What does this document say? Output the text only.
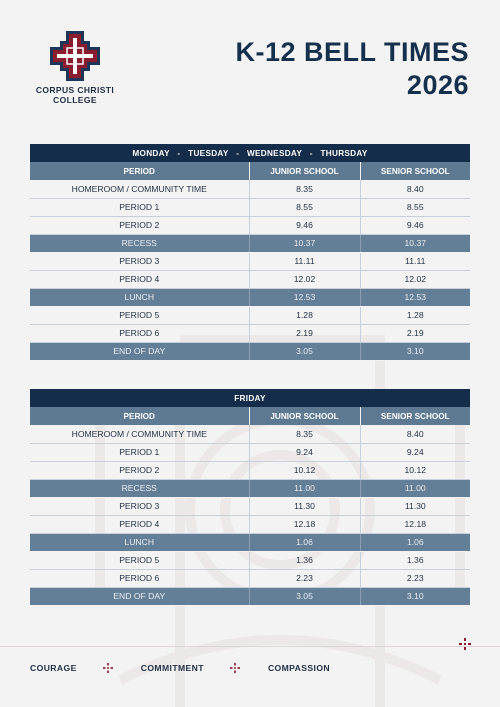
CORPUS CHRISTI
COLLEGE
K-12 BELL TIMES
2026
MONDAY   -   TUESDAY   -   WEDNESDAY   -   THURSDAY		
PERIOD	JUNIOR SCHOOL	SENIOR SCHOOL
HOMEROOM / COMMUNITY TIME	8.35	8.40
PERIOD 1	8.55	8.55
PERIOD 2	9.46	9.46
RECESS	10.37	10.37
PERIOD 3	11.11	11.11
PERIOD 4	12.02	12.02
LUNCH	12.53	12.53
PERIOD 5	1.28	1.28
PERIOD 6	2.19	2.19
END OF DAY	3.05	3.10
FRIDAY		
PERIOD	JUNIOR SCHOOL	SENIOR SCHOOL
HOMEROOM / COMMUNITY TIME	8.35	8.40
PERIOD 1	9.24	9.24
PERIOD 2	10.12	10.12
RECESS	11.00	11.00
PERIOD 3	11.30	11.30
PERIOD 4	12.18	12.18
LUNCH	1.06	1.06
PERIOD 5	1.36	1.36
PERIOD 6	2.23	2.23
END OF DAY	3.05	3.10
COURAGE	COMMITMENT	COMPASSION
